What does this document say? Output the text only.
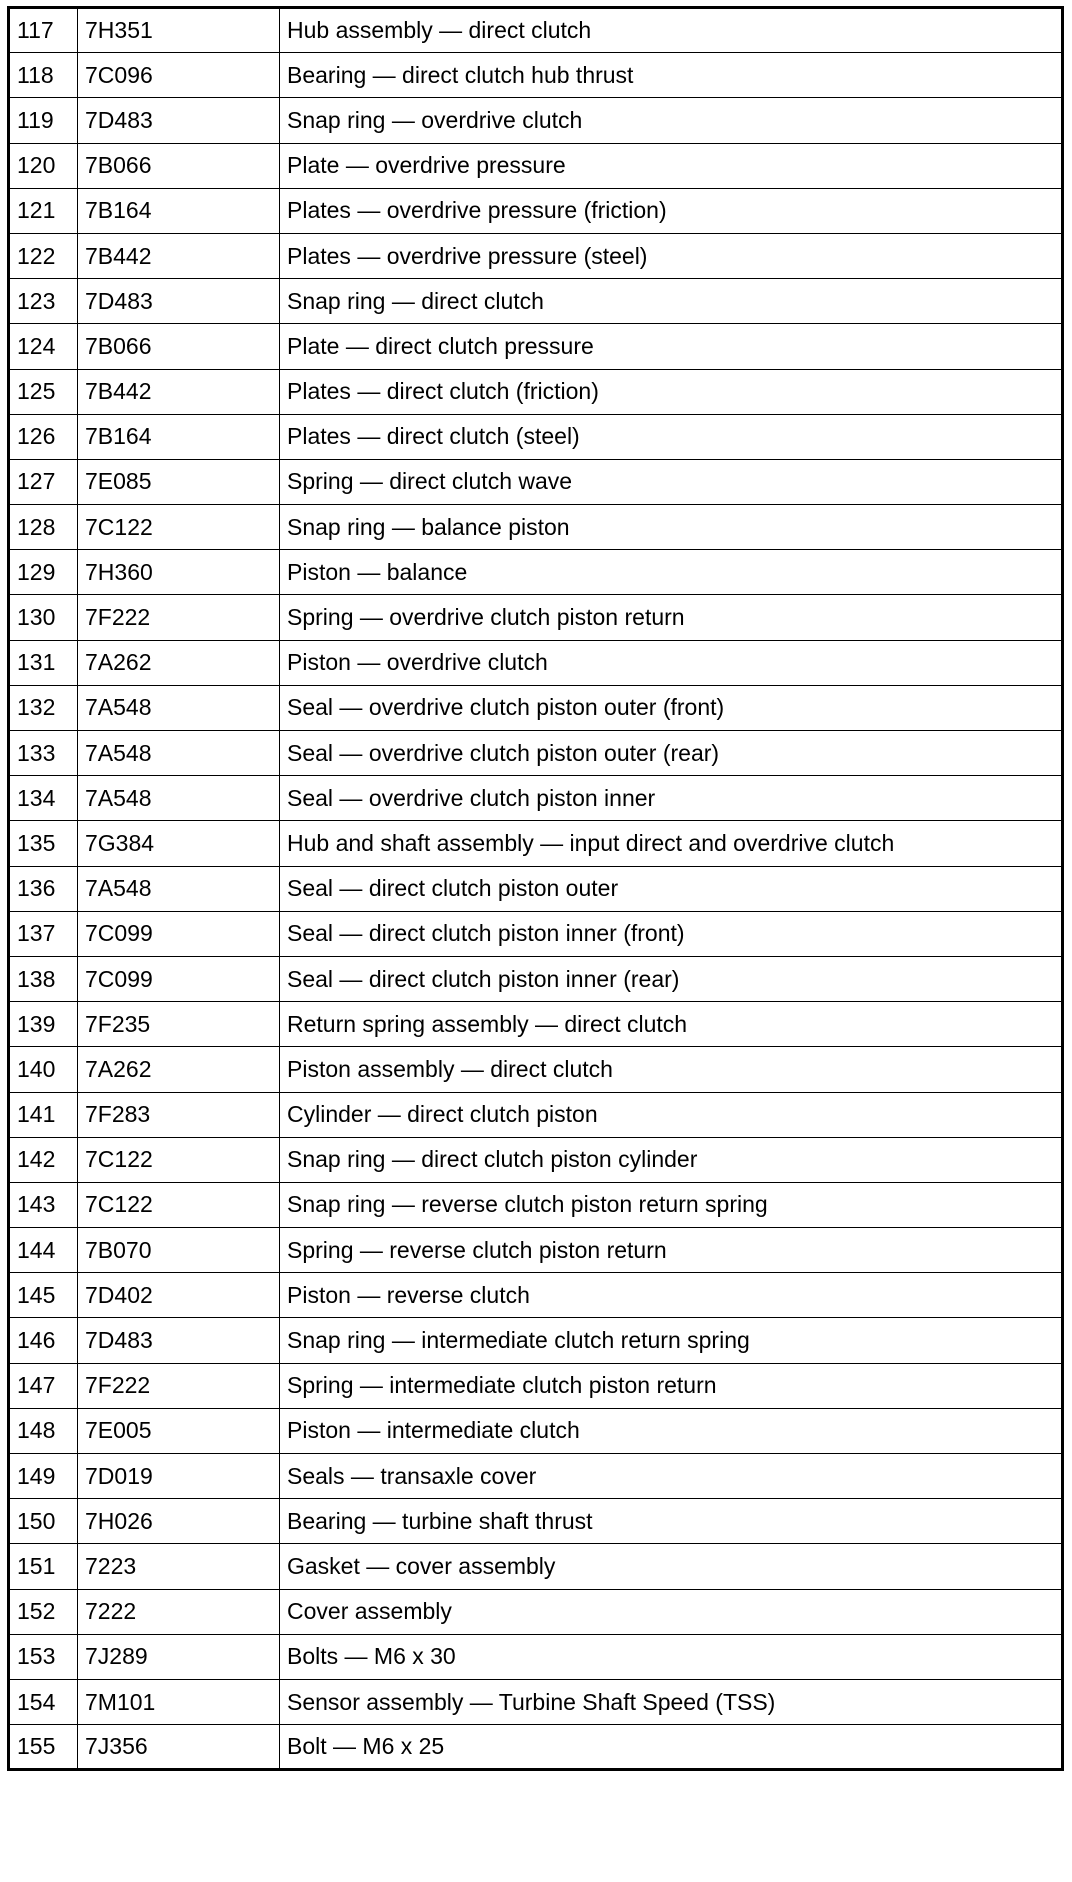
117	7H351	Hub assembly — direct clutch
118	7C096	Bearing — direct clutch hub thrust
119	7D483	Snap ring — overdrive clutch
120	7B066	Plate — overdrive pressure
121	7B164	Plates — overdrive pressure (friction)
122	7B442	Plates — overdrive pressure (steel)
123	7D483	Snap ring — direct clutch
124	7B066	Plate — direct clutch pressure
125	7B442	Plates — direct clutch (friction)
126	7B164	Plates — direct clutch (steel)
127	7E085	Spring — direct clutch wave
128	7C122	Snap ring — balance piston
129	7H360	Piston — balance
130	7F222	Spring — overdrive clutch piston return
131	7A262	Piston — overdrive clutch
132	7A548	Seal — overdrive clutch piston outer (front)
133	7A548	Seal — overdrive clutch piston outer (rear)
134	7A548	Seal — overdrive clutch piston inner
135	7G384	Hub and shaft assembly — input direct and overdrive clutch
136	7A548	Seal — direct clutch piston outer
137	7C099	Seal — direct clutch piston inner (front)
138	7C099	Seal — direct clutch piston inner (rear)
139	7F235	Return spring assembly — direct clutch
140	7A262	Piston assembly — direct clutch
141	7F283	Cylinder — direct clutch piston
142	7C122	Snap ring — direct clutch piston cylinder
143	7C122	Snap ring — reverse clutch piston return spring
144	7B070	Spring — reverse clutch piston return
145	7D402	Piston — reverse clutch
146	7D483	Snap ring — intermediate clutch return spring
147	7F222	Spring — intermediate clutch piston return
148	7E005	Piston — intermediate clutch
149	7D019	Seals — transaxle cover
150	7H026	Bearing — turbine shaft thrust
151	7223	Gasket — cover assembly
152	7222	Cover assembly
153	7J289	Bolts — M6 x 30
154	7M101	Sensor assembly — Turbine Shaft Speed (TSS)
155	7J356	Bolt — M6 x 25
